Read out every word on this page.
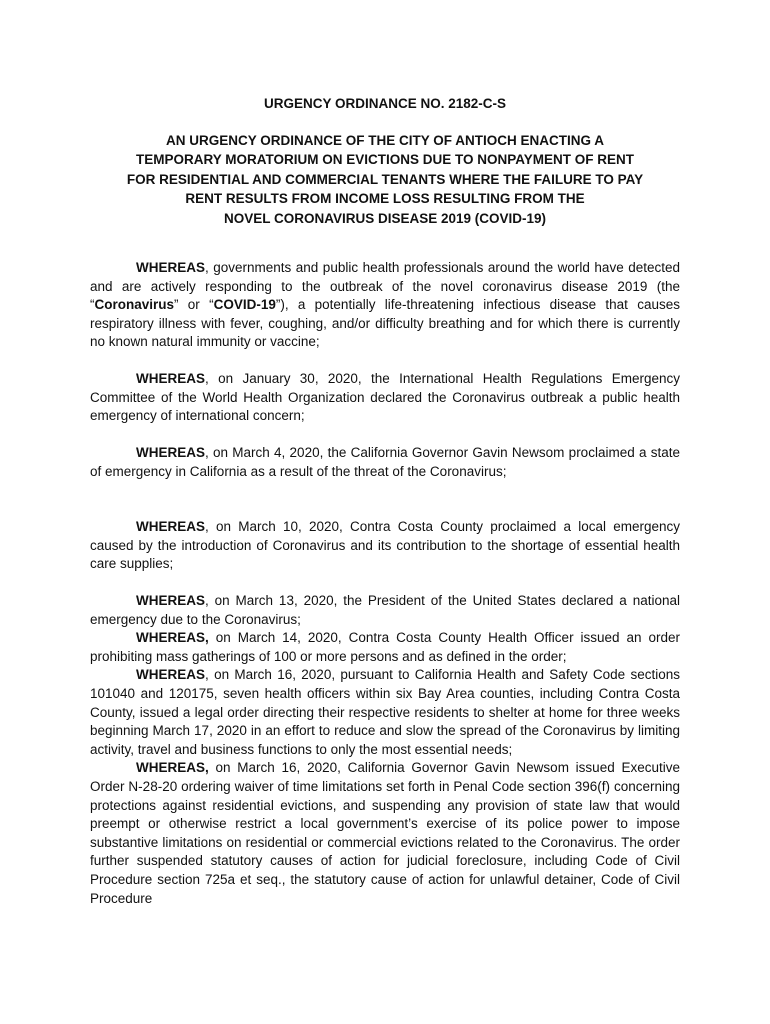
URGENCY ORDINANCE NO. 2182-C-S
AN URGENCY ORDINANCE OF THE CITY OF ANTIOCH ENACTING A
TEMPORARY MORATORIUM ON EVICTIONS DUE TO NONPAYMENT OF RENT
FOR RESIDENTIAL AND COMMERCIAL TENANTS WHERE THE FAILURE TO PAY
RENT RESULTS FROM INCOME LOSS RESULTING FROM THE
NOVEL CORONAVIRUS DISEASE 2019 (COVID-19)

WHEREAS, governments and public health professionals around the world have detected and are actively responding to the outbreak of the novel coronavirus disease 2019 (the “Coronavirus” or “COVID-19”), a potentially life-threatening infectious disease that causes respiratory illness with fever, coughing, and/or difficulty breathing and for which there is currently no known natural immunity or vaccine;

WHEREAS, on January 30, 2020, the International Health Regulations Emergency Committee of the World Health Organization declared the Coronavirus outbreak a public health emergency of international concern;

WHEREAS, on March 4, 2020, the California Governor Gavin Newsom proclaimed a state of emergency in California as a result of the threat of the Coronavirus;

WHEREAS, on March 10, 2020, Contra Costa County proclaimed a local emergency caused by the introduction of Coronavirus and its contribution to the shortage of essential health care supplies;

WHEREAS, on March 13, 2020, the President of the United States declared a national emergency due to the Coronavirus;

WHEREAS, on March 14, 2020, Contra Costa County Health Officer issued an order prohibiting mass gatherings of 100 or more persons and as defined in the order;

WHEREAS, on March 16, 2020, pursuant to California Health and Safety Code sections 101040 and 120175, seven health officers within six Bay Area counties, including Contra Costa County, issued a legal order directing their respective residents to shelter at home for three weeks beginning March 17, 2020 in an effort to reduce and slow the spread of the Coronavirus by limiting activity, travel and business functions to only the most essential needs;

WHEREAS, on March 16, 2020, California Governor Gavin Newsom issued Executive Order N-28-20 ordering waiver of time limitations set forth in Penal Code section 396(f) concerning protections against residential evictions, and suspending any provision of state law that would preempt or otherwise restrict a local government’s exercise of its police power to impose substantive limitations on residential or commercial evictions related to the Coronavirus. The order further suspended statutory causes of action for judicial foreclosure, including Code of Civil Procedure section 725a et seq., the statutory cause of action for unlawful detainer, Code of Civil Procedure
